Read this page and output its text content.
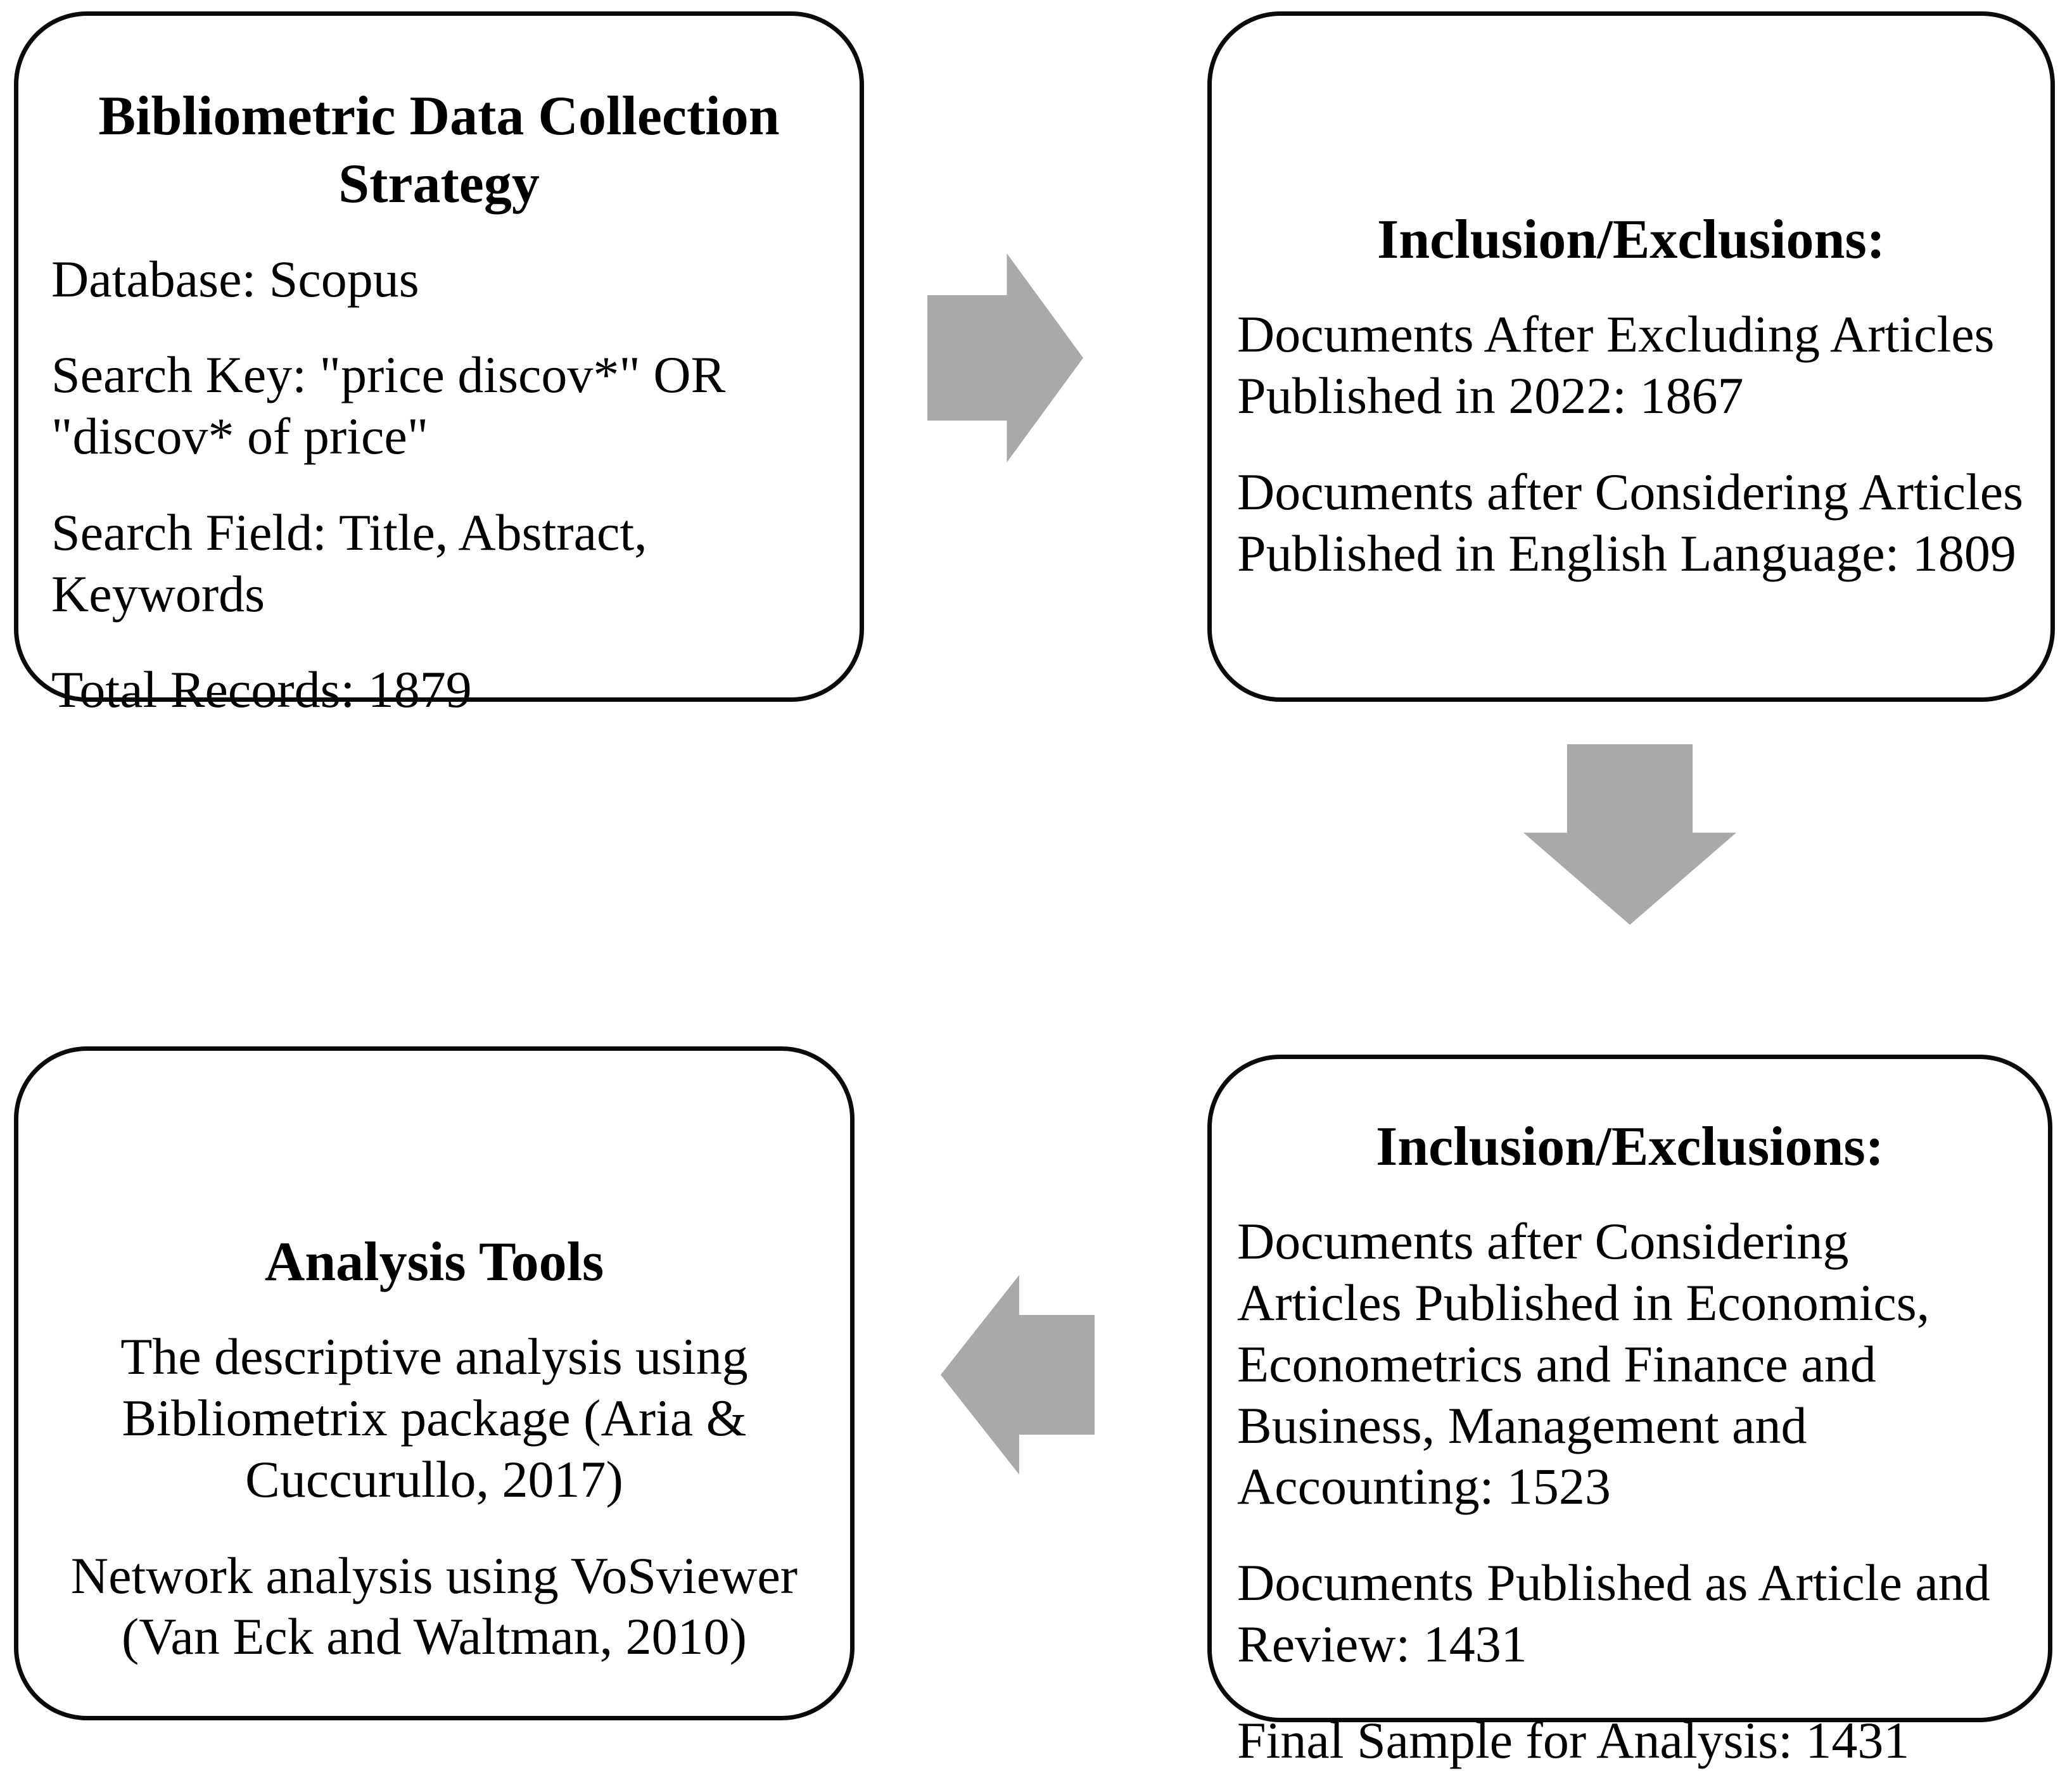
Bibliometric Data Collection Strategy

Database: Scopus

Search Key: "price discov*" OR "discov* of price"

Search Field: Title, Abstract, Keywords

Total Records: 1879

Inclusion/Exclusions:

Documents After Excluding Articles Published in 2022: 1867

Documents after Considering Articles Published in English Language: 1809

Inclusion/Exclusions:

Documents after Considering Articles Published in Economics, Econometrics and Finance and Business, Management and Accounting: 1523

Documents Published as Article and Review: 1431

Final Sample for Analysis: 1431

Analysis Tools

The descriptive analysis using Bibliometrix package (Aria & Cuccurullo, 2017)

Network analysis using VoSviewer (Van Eck and Waltman, 2010)
